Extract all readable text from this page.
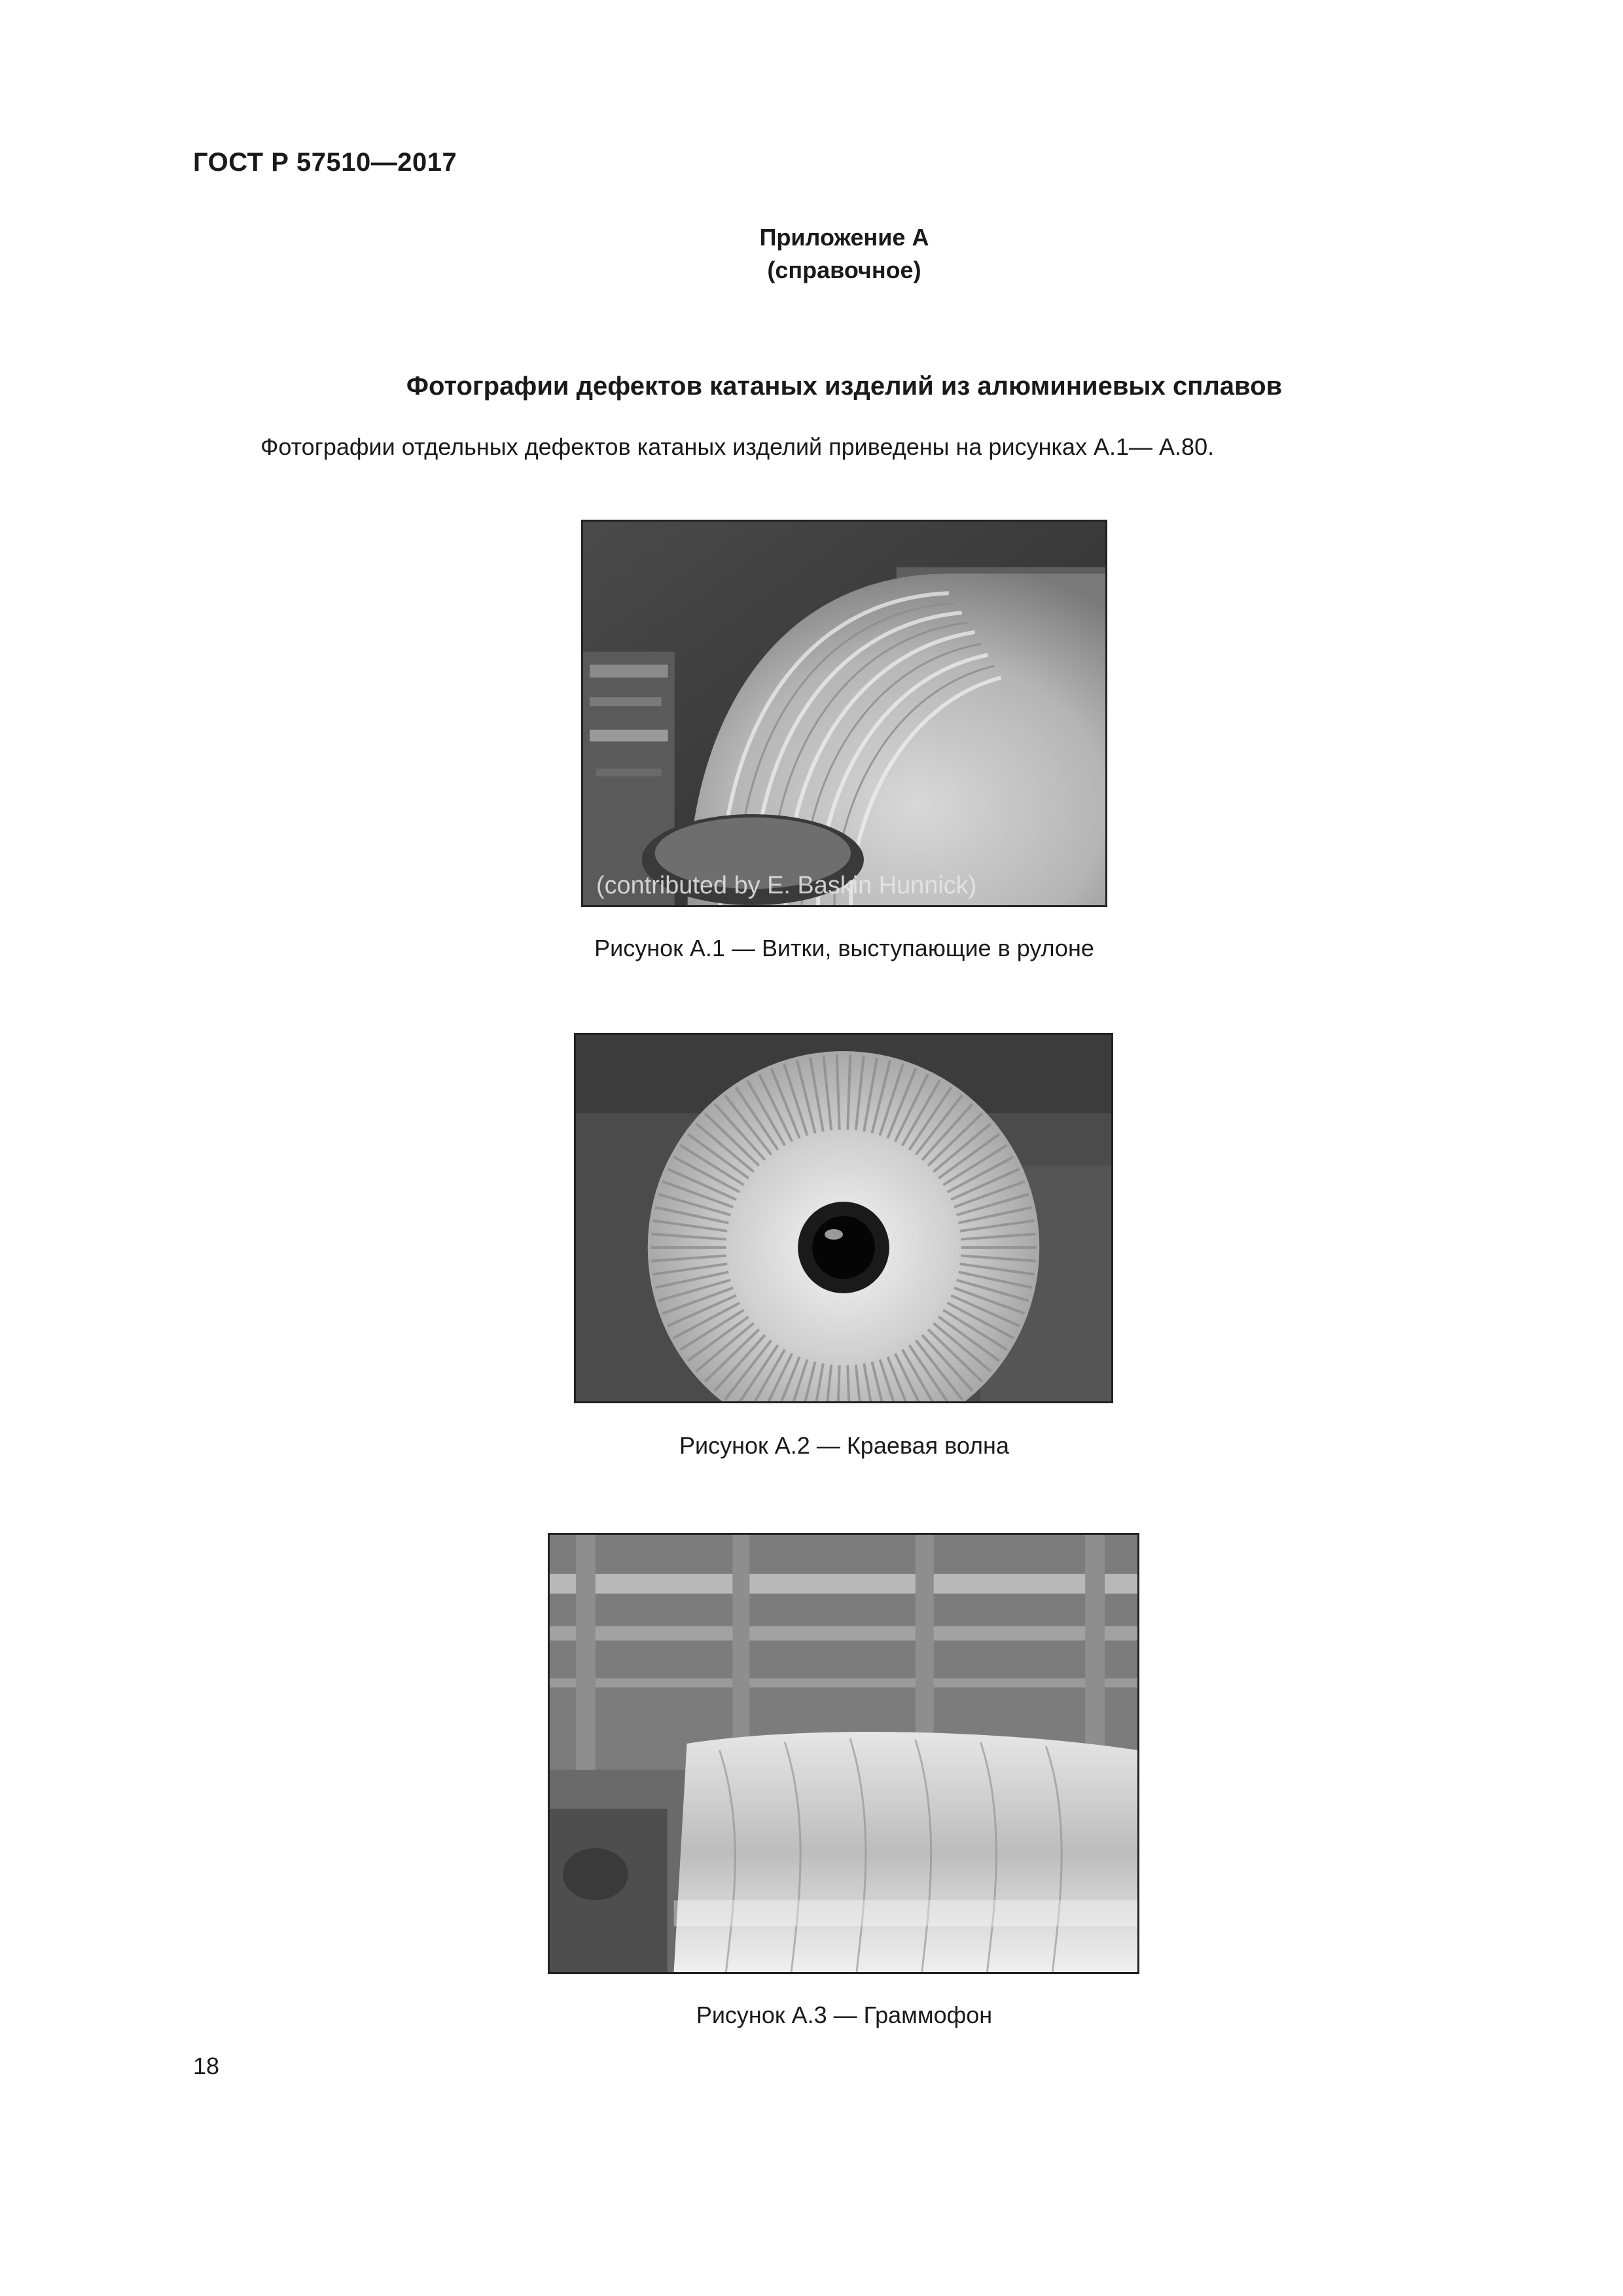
ГОСТ Р 57510—2017
Приложение А
(справочное)
Фотографии дефектов катаных изделий из алюминиевых сплавов
Фотографии отдельных дефектов катаных изделий приведены на рисунках А.1— А.80.
(contributed by E. Baskin Hunnick)
Рисунок А.1 — Витки, выступающие в рулоне
Рисунок А.2 — Краевая волна
Рисунок А.3 — Граммофон
18
